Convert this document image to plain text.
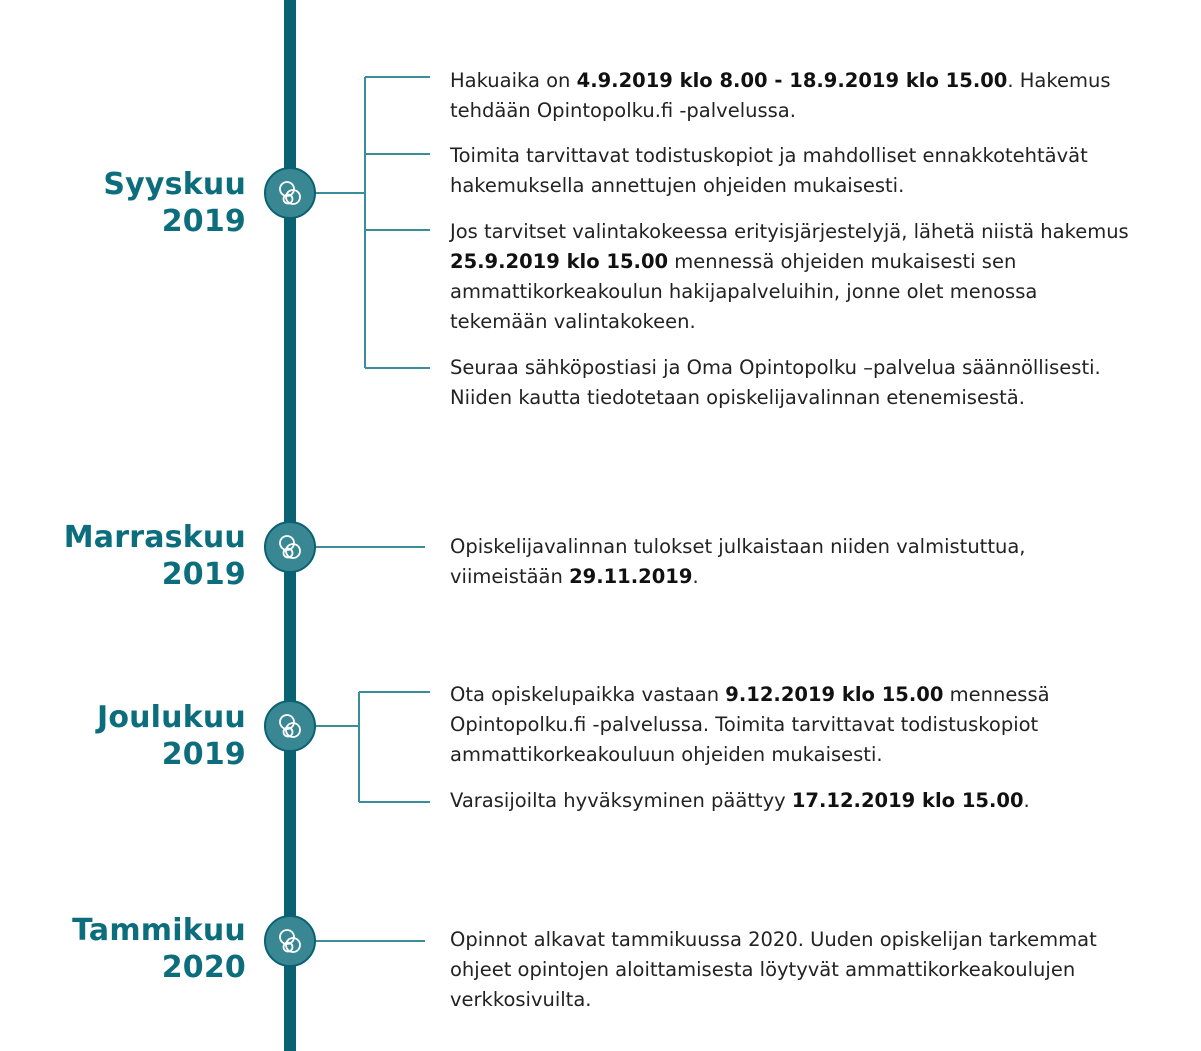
Syyskuu
2019

Hakuaika on 4.9.2019 klo 8.00 - 18.9.2019 klo 15.00. Hakemus tehdään Opintopolku.fi -palvelussa.

Toimita tarvittavat todistuskopiot ja mahdolliset ennakkotehtävät hakemuksella annettujen ohjeiden mukaisesti.

Jos tarvitset valintakokeessa erityisjärjestelyjä, lähetä niistä hakemus 25.9.2019 klo 15.00 mennessä ohjeiden mukaisesti sen ammattikorkeakoulun hakijapalveluihin, jonne olet menossa tekemään valintakokeen.

Seuraa sähköpostiasi ja Oma Opintopolku –palvelua säännöllisesti. Niiden kautta tiedotetaan opiskelijavalinnan etenemisestä.

Marraskuu
2019

Opiskelijavalinnan tulokset julkaistaan niiden valmistuttua, viimeistään 29.11.2019.

Joulukuu
2019

Ota opiskelupaikka vastaan 9.12.2019 klo 15.00 mennessä Opintopolku.fi -palvelussa. Toimita tarvittavat todistuskopiot ammattikorkeakouluun ohjeiden mukaisesti.

Varasijoilta hyväksyminen päättyy 17.12.2019 klo 15.00.

Tammikuu
2020

Opinnot alkavat tammikuussa 2020. Uuden opiskelijan tarkemmat ohjeet opintojen aloittamisesta löytyvät ammattikorkeakoulujen verkkosivuilta.
